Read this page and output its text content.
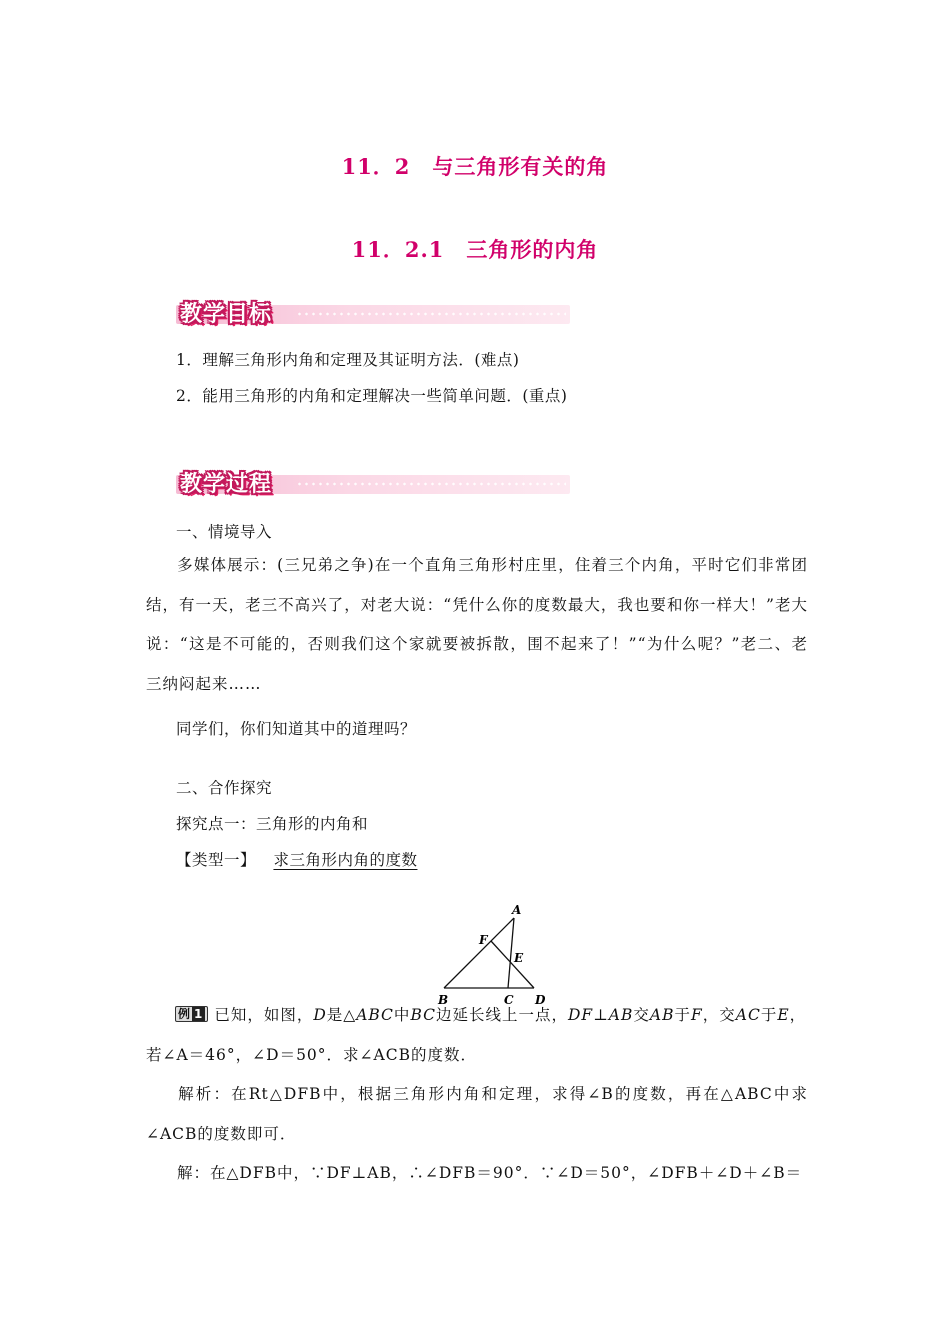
11．2　与三角形有关的角
11．2.1　三角形的内角
教学目标
1．理解三角形内角和定理及其证明方法．(难点)
2．能用三角形的内角和定理解决一些简单问题．(重点)
教学过程
一、情境导入
多媒体展示：(三兄弟之争)在一个直角三角形村庄里，住着三个内角，平时它们非常团结，有一天，老三不高兴了，对老大说：“凭什么你的度数最大，我也要和你一样大！”老大说：“这是不可能的，否则我们这个家就要被拆散，围不起来了！”“为什么呢？”老二、老三纳闷起来……
同学们，你们知道其中的道理吗？
二、合作探究
探究点一：三角形的内角和
【类型一】 求三角形内角的度数
A
F
E
B	C D
例 1 已知，如图，D是△ABC中BC边延长线上一点，DF⊥AB交AB于F，交AC于E，
若∠A＝46°，∠D＝50°．求∠ACB的度数．
解析：在Rt△DFB中，根据三角形内角和定理，求得∠B的度数，再在△ABC中求∠ACB的度数即可．
解：在△DFB中，∵DF⊥AB，∴∠DFB＝90°．∵∠D＝50°，∠DFB＋∠D＋∠B＝
